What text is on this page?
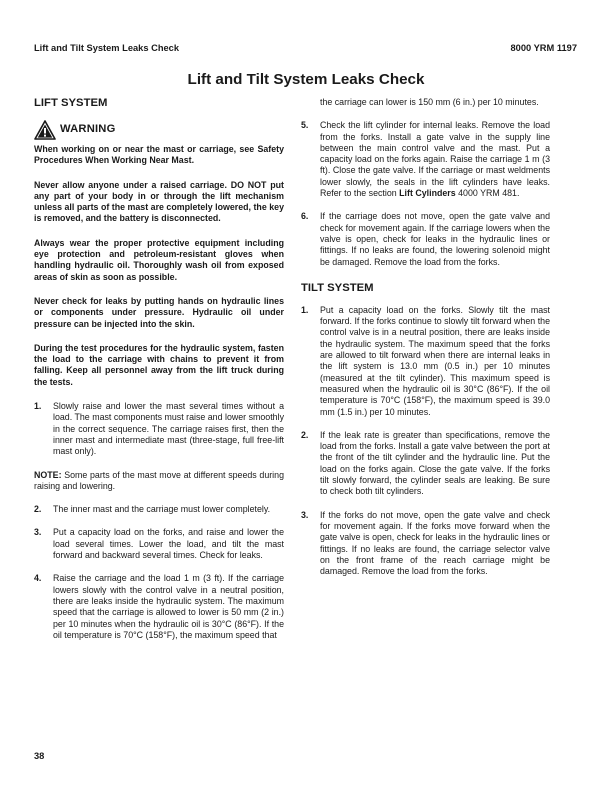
Lift and Tilt System Leaks Check	8000 YRM 1197
Lift and Tilt System Leaks Check
LIFT SYSTEM
WARNING

When working on or near the mast or carriage, see Safety Procedures When Working Near Mast.

Never allow anyone under a raised carriage. DO NOT put any part of your body in or through the lift mechanism unless all parts of the mast are completely lowered, the key is removed, and the battery is disconnected.

Always wear the proper protective equipment including eye protection and petroleum-resistant gloves when handling hydraulic oil. Thoroughly wash oil from exposed areas of skin as soon as possible.

Never check for leaks by putting hands on hydraulic lines or components under pressure. Hydraulic oil under pressure can be injected into the skin.

During the test procedures for the hydraulic system, fasten the load to the carriage with chains to prevent it from falling. Keep all personnel away from the lift truck during the tests.

1.	Slowly raise and lower the mast several times without a load. The mast components must raise and lower smoothly in the correct sequence. The carriage raises first, then the inner mast and intermediate mast (three-stage, full free-lift mast only).

NOTE: Some parts of the mast move at different speeds during raising and lowering.

2.	The inner mast and the carriage must lower completely.
3.	Put a capacity load on the forks, and raise and lower the load several times. Lower the load, and tilt the mast forward and backward several times. Check for leaks.
4.	Raise the carriage and the load 1 m (3 ft). If the carriage lowers slowly with the control valve in a neutral position, there are leaks inside the hydraulic system. The maximum speed that the carriage is allowed to lower is 50 mm (2 in.) per 10 minutes when the hydraulic oil is 30°C (86°F). If the oil temperature is 70°C (158°F), the maximum speed that

the carriage can lower is 150 mm (6 in.) per 10 minutes.

5.	Check the lift cylinder for internal leaks. Remove the load from the forks. Install a gate valve in the supply line between the main control valve and the mast. Put a capacity load on the forks again. Raise the carriage 1 m (3 ft). Close the gate valve. If the carriage or mast weldments lower slowly, the seals in the lift cylinders have leaks. Refer to the section Lift Cylinders 4000 YRM 481.
6.	If the carriage does not move, open the gate valve and check for movement again. If the carriage lowers when the valve is open, check for leaks in the hydraulic lines or fittings. If no leaks are found, the lowering solenoid might be damaged. Remove the load from the forks.
TILT SYSTEM
1.	Put a capacity load on the forks. Slowly tilt the mast forward. If the forks continue to slowly tilt forward when the control valve is in a neutral position, there are leaks inside the hydraulic system. The maximum speed that the forks are allowed to tilt forward when there are internal leaks in the lift system is 13.0 mm (0.5 in.) per 10 minutes (measured at the tilt cylinder). This maximum speed is measured when the hydraulic oil is 30°C (86°F). If the oil temperature is 70°C (158°F), the maximum speed is 39.0 mm (1.5 in.) per 10 minutes.
2.	If the leak rate is greater than specifications, remove the load from the forks. Install a gate valve between the port at the front of the tilt cylinder and the hydraulic line. Put the load on the forks again. Close the gate valve. If the forks tilt slowly forward, the cylinder seals are leaking. Be sure to check both tilt cylinders.
3.	If the forks do not move, open the gate valve and check for movement again. If the forks move forward when the gate valve is open, check for leaks in the hydraulic lines or fittings. If no leaks are found, the carriage selector valve on the front frame of the reach carriage might be damaged. Remove the load from the forks.
38
